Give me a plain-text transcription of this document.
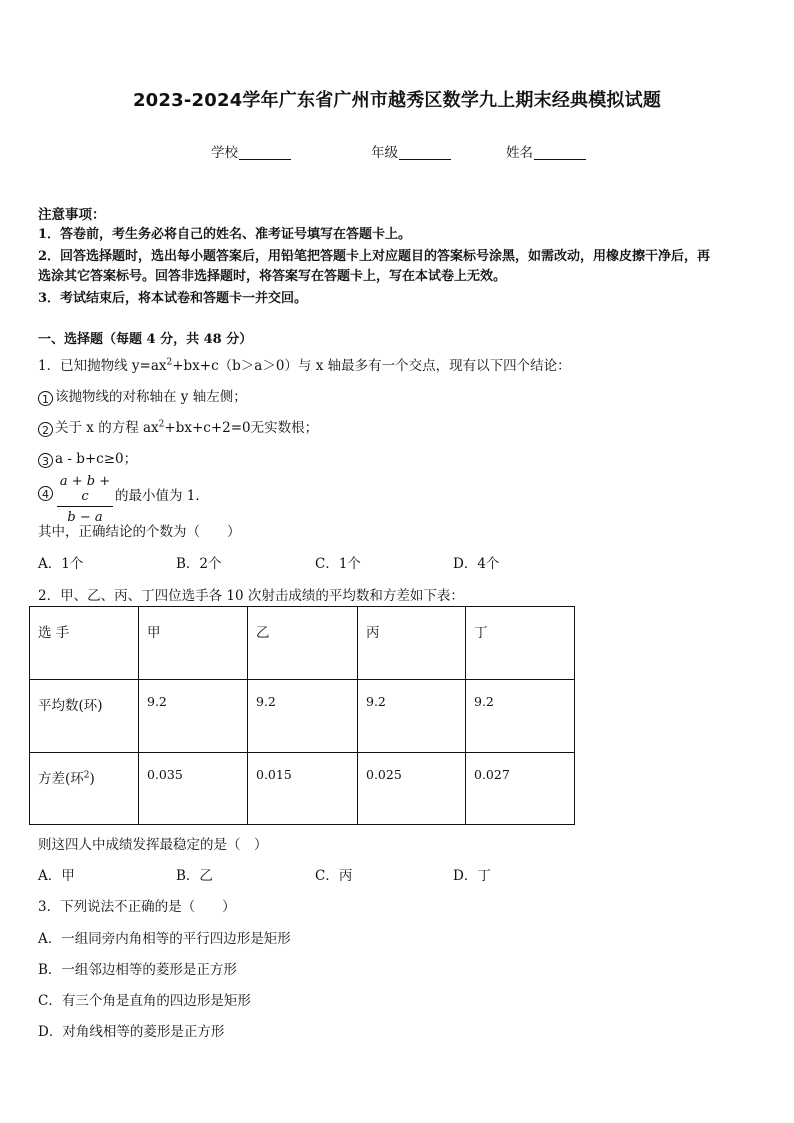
2023-2024学年广东省广州市越秀区数学九上期末经典模拟试题
学校	年级	姓名
注意事项：
1．答卷前，考生务必将自己的姓名、准考证号填写在答题卡上。
2．回答选择题时，选出每小题答案后，用铅笔把答题卡上对应题目的答案标号涂黑，如需改动，用橡皮擦干净后，再
选涂其它答案标号。回答非选择题时，将答案写在答题卡上，写在本试卷上无效。
3．考试结束后，将本试卷和答题卡一并交回。
一、选择题（每题 4 分，共 48 分）
1．已知抛物线 $y=ax^2+bx+c(b>a>0)$与 x 轴最多有一个交点，现有以下四个结论：
1 该抛物线的对称轴在 y 轴左侧；
2 关于 x 的方程 $ax^2+bx+c+2=0$无实数根；
3 a - b+c≥0；
$4 \frac{a + b + c}{b - a}$ 的最小值为 1．
其中，正确结论的个数为（　　）
A．1个	B．2个	C．1个	D．4个
2．甲、乙、丙、丁四位选手各 10 次射击成绩的平均数和方差如下表：
选 手	甲	乙	丙	丁
平均数(环)	9.2	9.2	9.2	9.2
方差(环$^2$)	0.035	0.015	0.025	0.027
则这四人中成绩发挥最稳定的是（　）
A．甲	B．乙	C．丙	D．丁
3．下列说法不正确的是（　　）
A．一组同旁内角相等的平行四边形是矩形
B．一组邻边相等的菱形是正方形
C．有三个角是直角的四边形是矩形
D．对角线相等的菱形是正方形
